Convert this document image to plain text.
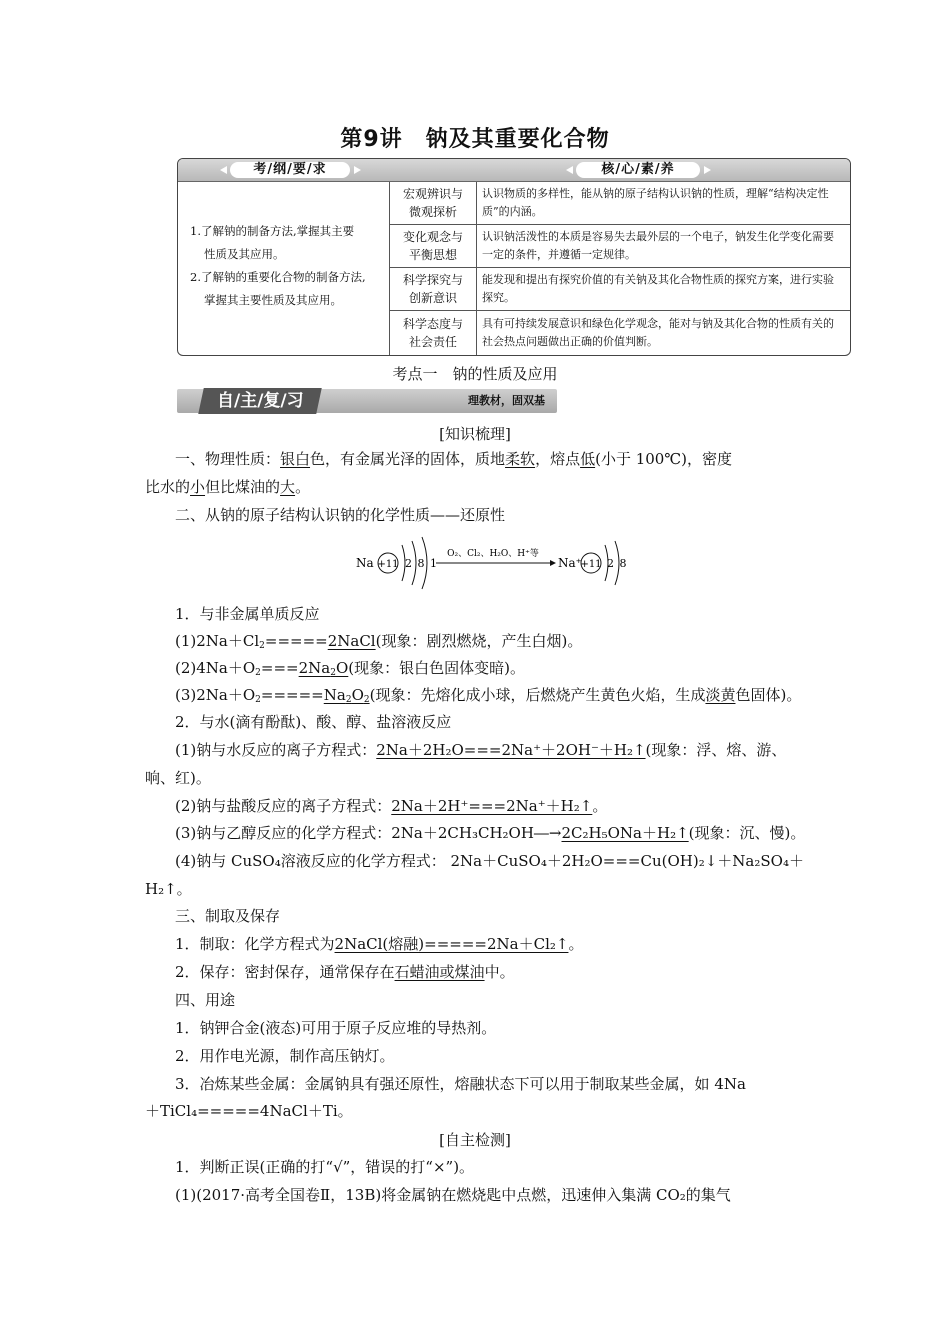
第9讲　钠及其重要化合物
考/纲/要/求	核/心/素/养

1.了解钠的制备方法,掌握其主要

性质及其应用。

2.了解钠的重要化合物的制备方法,

掌握其主要性质及其应用。

宏观辨识与
微观探析
认识物质的多样性，能从钠的原子结构认识钠的性质，理解“结构决定性质”的内涵。
变化观念与
平衡思想
认识钠活泼性的本质是容易失去最外层的一个电子，钠发生化学变化需要一定的条件，并遵循一定规律。
科学探究与
创新意识
能发现和提出有探究价值的有关钠及其化合物性质的探究方案，进行实验探究。
科学态度与
社会责任
具有可持续发展意识和绿色化学观念，能对与钠及其化合物的性质有关的社会热点问题做出正确的价值判断。
考点一　钠的性质及应用
自/主/复/习	理教材，固双基
[知识梳理]
一、物理性质：银白色，有金属光泽的固体，质地柔软，熔点低(小于 100℃)，密度
比水的小但比煤油的大。
二、从钠的原子结构认识钠的化学性质——还原性
Na +11 2 8 1
O₂、Cl₂、H₂O、H⁺等
Na⁺
+11 2 8
1．与非金属单质反应
$(1)2Na+Cl_2=====2NaCl$(现象：剧烈燃烧，产生白烟)。
$(2)4Na+O_2===2Na_2O$(现象：银白色固体变暗)。
$(3)2Na+O_2=====Na_2O_2$(现象：先熔化成小球，后燃烧产生黄色火焰，生成淡黄色固体)。
2．与水(滴有酚酞)、酸、醇、盐溶液反应
(1)钠与水反应的离子方程式：2Na＋2H₂O===2Na⁺＋2OH⁻＋H₂↑(现象：浮、熔、游、
响、红)。
(2)钠与盐酸反应的离子方程式：2Na＋2H⁺===2Na⁺＋H₂↑。
(3)钠与乙醇反应的化学方程式：2Na＋2CH₃CH₂OH―→2C₂H₅ONa＋H₂↑(现象：沉、慢)。
(4)钠与 CuSO₄溶液反应的化学方程式： 2Na＋CuSO₄＋2H₂O===Cu(OH)₂↓＋Na₂SO₄＋
H₂↑。
三、制取及保存
1．制取：化学方程式为2NaCl(熔融)=====2Na＋Cl₂↑。
2．保存：密封保存，通常保存在石蜡油或煤油中。
四、用途
1．钠钾合金(液态)可用于原子反应堆的导热剂。
2．用作电光源，制作高压钠灯。
3．冶炼某些金属：金属钠具有强还原性，熔融状态下可以用于制取某些金属，如 4Na
＋TiCl₄=====4NaCl＋Ti。
[自主检测]
1．判断正误(正确的打“√”，错误的打“×”)。
(1)(2017·高考全国卷Ⅱ，13B)将金属钠在燃烧匙中点燃，迅速伸入集满 CO₂的集气
